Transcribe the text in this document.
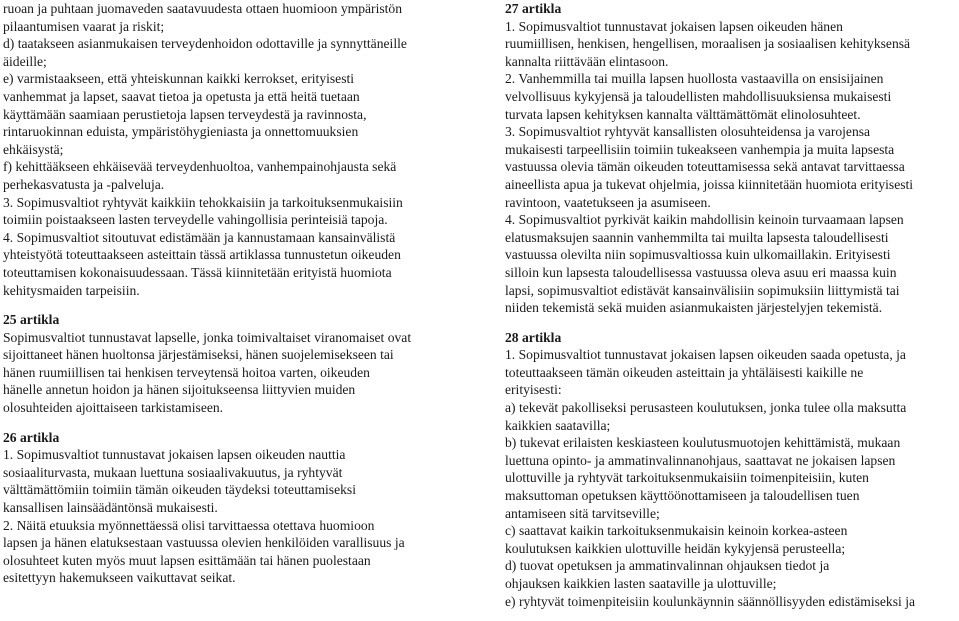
ruoan ja puhtaan juomaveden saatavuudesta ottaen huomioon ympäristön
pilaantumisen vaarat ja riskit;
d) taatakseen asianmukaisen terveydenhoidon odottaville ja synnyttäneille
äideille;
e) varmistaakseen, että yhteiskunnan kaikki kerrokset, erityisesti
vanhemmat ja lapset, saavat tietoa ja opetusta ja että heitä tuetaan
käyttämään saamiaan perustietoja lapsen terveydestä ja ravinnosta,
rintaruokinnan eduista, ympäristöhygieniasta ja onnettomuuksien
ehkäisystä;
f) kehittääkseen ehkäisevää terveydenhuoltoa, vanhempainohjausta sekä
perhekasvatusta ja -palveluja.
3. Sopimusvaltiot ryhtyvät kaikkiin tehokkaisiin ja tarkoituksenmukaisiin
toimiin poistaakseen lasten terveydelle vahingollisia perinteisiä tapoja.
4. Sopimusvaltiot sitoutuvat edistämään ja kannustamaan kansainvälistä
yhteistyötä toteuttaakseen asteittain tässä artiklassa tunnustetun oikeuden
toteuttamisen kokonaisuudessaan. Tässä kiinnitetään erityistä huomiota
kehitysmaiden tarpeisiin.
25 artikla
Sopimusvaltiot tunnustavat lapselle, jonka toimivaltaiset viranomaiset ovat
sijoittaneet hänen huoltonsa järjestämiseksi, hänen suojelemisekseen tai
hänen ruumiillisen tai henkisen terveytensä hoitoa varten, oikeuden
hänelle annetun hoidon ja hänen sijoitukseensa liittyvien muiden
olosuhteiden ajoittaiseen tarkistamiseen.
26 artikla
1. Sopimusvaltiot tunnustavat jokaisen lapsen oikeuden nauttia
sosiaaliturvasta, mukaan luettuna sosiaalivakuutus, ja ryhtyvät
välttämättömiin toimiin tämän oikeuden täydeksi toteuttamiseksi
kansallisen lainsäädäntönsä mukaisesti.
2. Näitä etuuksia myönnettäessä olisi tarvittaessa otettava huomioon
lapsen ja hänen elatuksestaan vastuussa olevien henkilöiden varallisuus ja
olosuhteet kuten myös muut lapsen esittämään tai hänen puolestaan
esitettyyn hakemukseen vaikuttavat seikat.
27 artikla
1. Sopimusvaltiot tunnustavat jokaisen lapsen oikeuden hänen
ruumiillisen, henkisen, hengellisen, moraalisen ja sosiaalisen kehityksensä
kannalta riittävään elintasoon.
2. Vanhemmilla tai muilla lapsen huollosta vastaavilla on ensisijainen
velvollisuus kykyjensä ja taloudellisten mahdollisuuksiensa mukaisesti
turvata lapsen kehityksen kannalta välttämättömät elinolosuhteet.
3. Sopimusvaltiot ryhtyvät kansallisten olosuhteidensa ja varojensa
mukaisesti tarpeellisiin toimiin tukeakseen vanhempia ja muita lapsesta
vastuussa olevia tämän oikeuden toteuttamisessa sekä antavat tarvittaessa
aineellista apua ja tukevat ohjelmia, joissa kiinnitetään huomiota erityisesti
ravintoon, vaatetukseen ja asumiseen.
4. Sopimusvaltiot pyrkivät kaikin mahdollisin keinoin turvaamaan lapsen
elatusmaksujen saannin vanhemmilta tai muilta lapsesta taloudellisesti
vastuussa olevilta niin sopimusvaltiossa kuin ulkomaillakin. Erityisesti
silloin kun lapsesta taloudellisessa vastuussa oleva asuu eri maassa kuin
lapsi, sopimusvaltiot edistävät kansainvälisiin sopimuksiin liittymistä tai
niiden tekemistä sekä muiden asianmukaisten järjestelyjen tekemistä.
28 artikla
1. Sopimusvaltiot tunnustavat jokaisen lapsen oikeuden saada opetusta, ja
toteuttaakseen tämän oikeuden asteittain ja yhtäläisesti kaikille ne
erityisesti:
a) tekevät pakolliseksi perusasteen koulutuksen, jonka tulee olla maksutta
kaikkien saatavilla;
b) tukevat erilaisten keskiasteen koulutusmuotojen kehittämistä, mukaan
luettuna opinto- ja ammatinvalinnanohjaus, saattavat ne jokaisen lapsen
ulottuville ja ryhtyvät tarkoituksenmukaisiin toimenpiteisiin, kuten
maksuttoman opetuksen käyttöönottamiseen ja taloudellisen tuen
antamiseen sitä tarvitseville;
c) saattavat kaikin tarkoituksenmukaisin keinoin korkea-asteen
koulutuksen kaikkien ulottuville heidän kykyjensä perusteella;
d) tuovat opetuksen ja ammatinvalinnan ohjauksen tiedot ja
ohjauksen kaikkien lasten saataville ja ulottuville;
e) ryhtyvät toimenpiteisiin koulunkäynnin säännöllisyyden edistämiseksi ja
